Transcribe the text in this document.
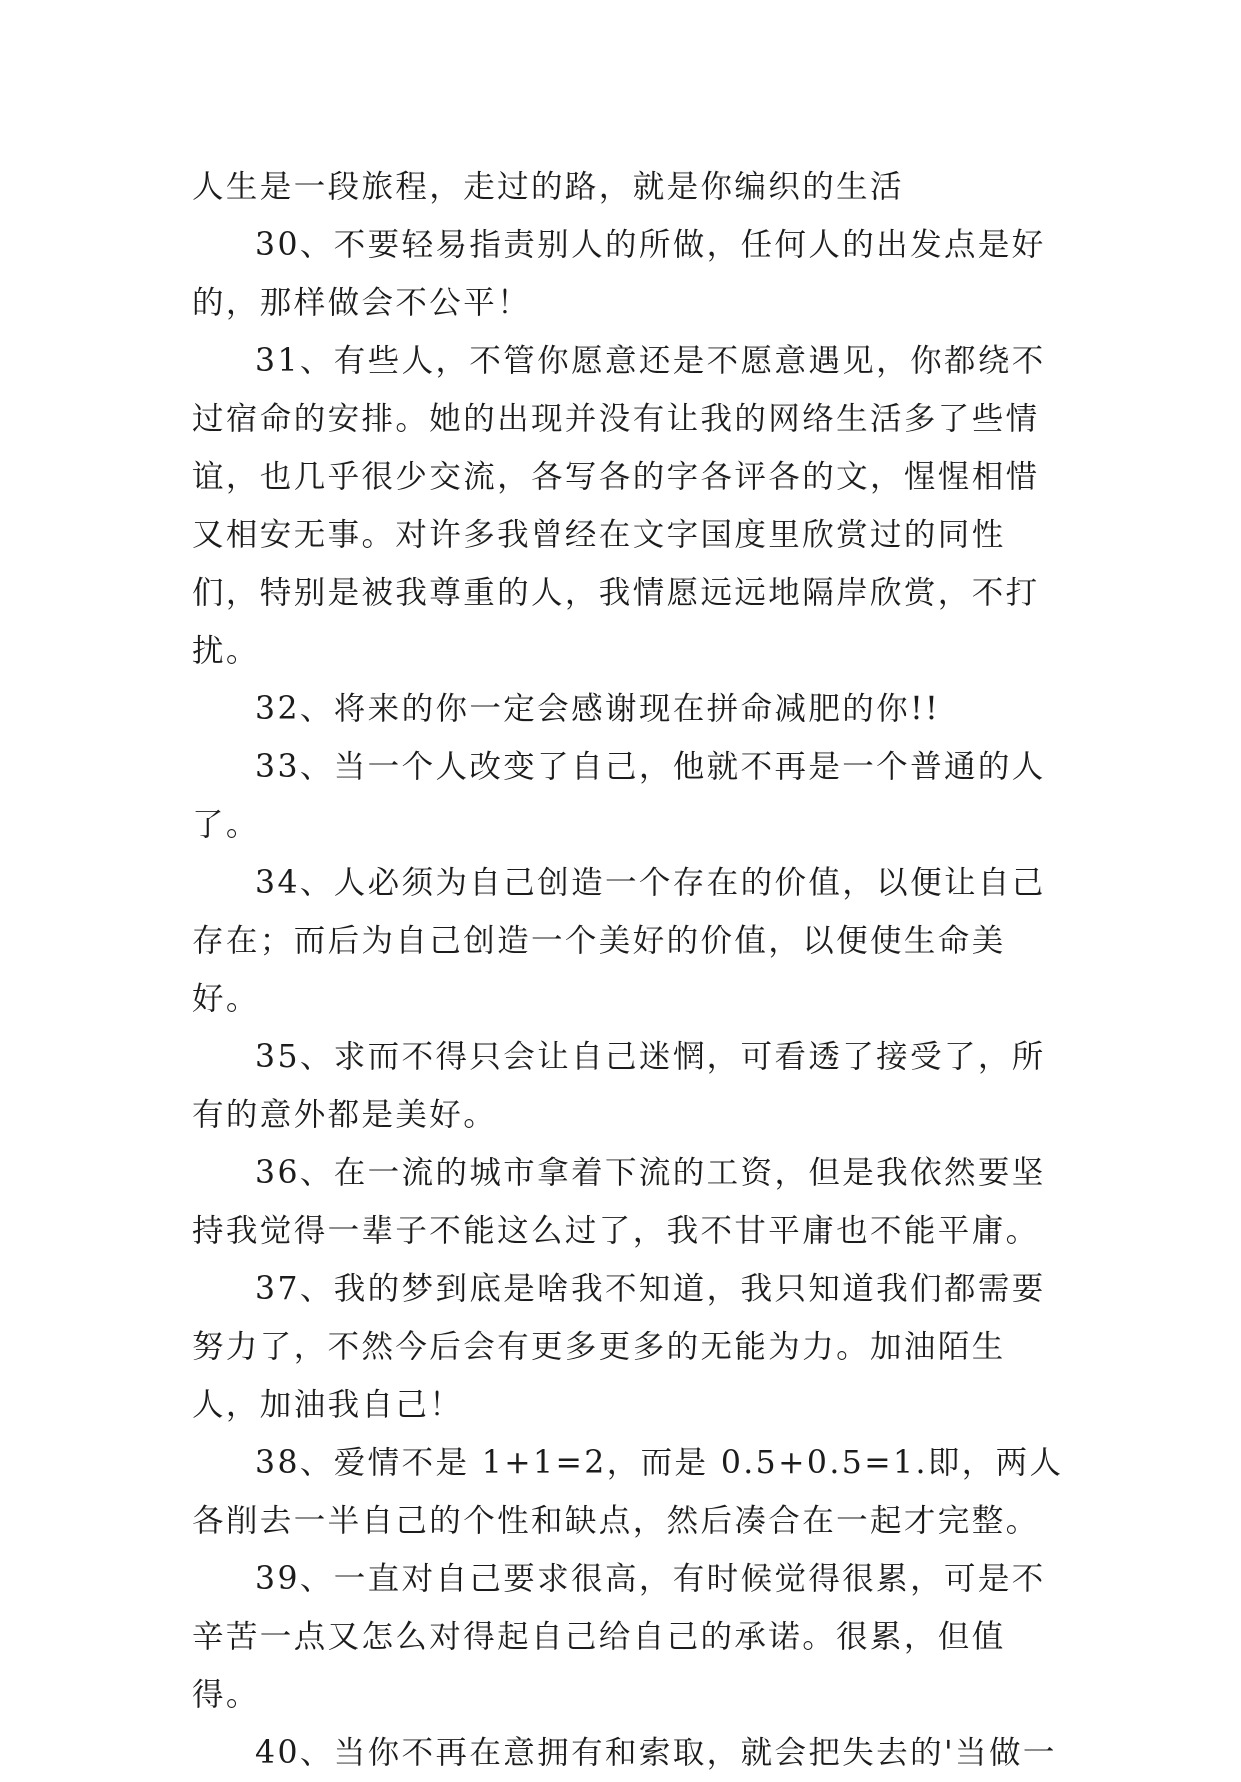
人生是一段旅程，走过的路，就是你编织的生活

30、不要轻易指责别人的所做，任何人的出发点是好的，那样做会不公平！

31、有些人，不管你愿意还是不愿意遇见，你都绕不过宿命的安排。她的出现并没有让我的网络生活多了些情谊，也几乎很少交流，各写各的字各评各的文，惺惺相惜又相安无事。对许多我曾经在文字国度里欣赏过的同性们，特别是被我尊重的人，我情愿远远地隔岸欣赏，不打扰。

32、将来的你一定会感谢现在拼命减肥的你!!

33、当一个人改变了自己，他就不再是一个普通的人了。

34、人必须为自己创造一个存在的价值，以便让自己存在；而后为自己创造一个美好的价值，以便使生命美好。

35、求而不得只会让自己迷惘，可看透了接受了，所有的意外都是美好。

36、在一流的城市拿着下流的工资，但是我依然要坚持我觉得一辈子不能这么过了，我不甘平庸也不能平庸。

37、我的梦到底是啥我不知道，我只知道我们都需要努力了，不然今后会有更多更多的无能为力。加油陌生人，加油我自己！

38、爱情不是 1+1=2，而是 0.5+0.5=1.即，两人各削去一半自己的个性和缺点，然后凑合在一起才完整。

39、一直对自己要求很高，有时候觉得很累，可是不辛苦一点又怎么对得起自己给自己的承诺。很累，但值得。

40、当你不再在意拥有和索取，就会把失去的'当做一
